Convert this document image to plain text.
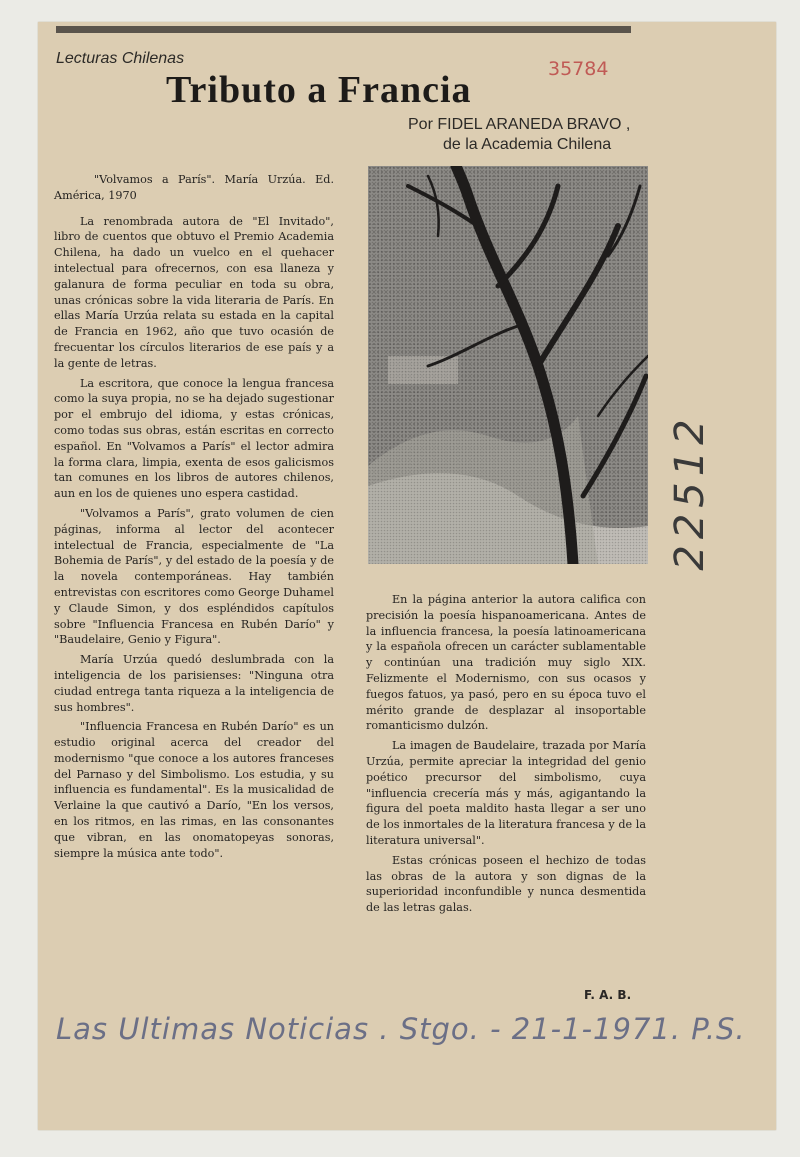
Lecturas Chilenas

Tributo a Francia	35784

Por FIDEL ARANEDA BRAVO ,
de la Academia Chilena

"Volvamos a París". María Urzúa. Ed. América, 1970

La renombrada autora de "El Invitado", libro de cuentos que obtuvo el Premio Academia Chilena, ha dado un vuelco en el quehacer intelectual para ofrecernos, con esa llaneza y galanura de forma peculiar en toda su obra, unas crónicas sobre la vida literaria de París. En ellas María Urzúa relata su estada en la capital de Francia en 1962, año que tuvo ocasión de frecuentar los círculos literarios de ese país y a la gente de letras.

La escritora, que conoce la lengua francesa como la suya propia, no se ha dejado sugestionar por el embrujo del idioma, y estas crónicas, como todas sus obras, están escritas en correcto español. En "Volvamos a París" el lector admira la forma clara, limpia, exenta de esos galicismos tan comunes en los libros de autores chilenos, aun en los de quienes uno espera castidad.

"Volvamos a París", grato volumen de cien páginas, informa al lector del acontecer intelectual de Francia, especialmente de "La Bohemia de París", y del estado de la poesía y de la novela contemporáneas. Hay también entrevistas con escritores como George Duhamel y Claude Simon, y dos espléndidos capítulos sobre "Influencia Francesa en Rubén Darío" y "Baudelaire, Genio y Figura".

María Urzúa quedó deslumbrada con la inteligencia de los parisienses: "Ninguna otra ciudad entrega tanta riqueza a la inteligencia de sus hombres".

"Influencia Francesa en Rubén Darío" es un estudio original acerca del creador del modernismo "que conoce a los autores franceses del Parnaso y del Simbolismo. Los estudia, y su influencia es fundamental". Es la musicalidad de Verlaine la que cautivó a Darío, "En los versos, en los ritmos, en las rimas, en las consonantes que vibran, en las onomatopeyas sonoras, siempre la música ante todo".

En la página anterior la autora califica con precisión la poesía hispanoamericana. Antes de la influencia francesa, la poesía latinoamericana y la española ofrecen un carácter sublamentable y continúan una tradición muy siglo XIX. Felizmente el Modernismo, con sus ocasos y fuegos fatuos, ya pasó, pero en su época tuvo el mérito grande de desplazar al insoportable romanticismo dulzón.

La imagen de Baudelaire, trazada por María Urzúa, permite apreciar la integridad del genio poético precursor del simbolismo, cuya "influencia crecería más y más, agigantando la figura del poeta maldito hasta llegar a ser uno de los inmortales de la literatura francesa y de la literatura universal".

Estas crónicas poseen el hechizo de todas las obras de la autora y son dignas de la superioridad inconfundible y nunca desmentida de las letras galas.

F. A. B.

22512

Las Ultimas Noticias . Stgo. - 21-1-1971. P.S.
